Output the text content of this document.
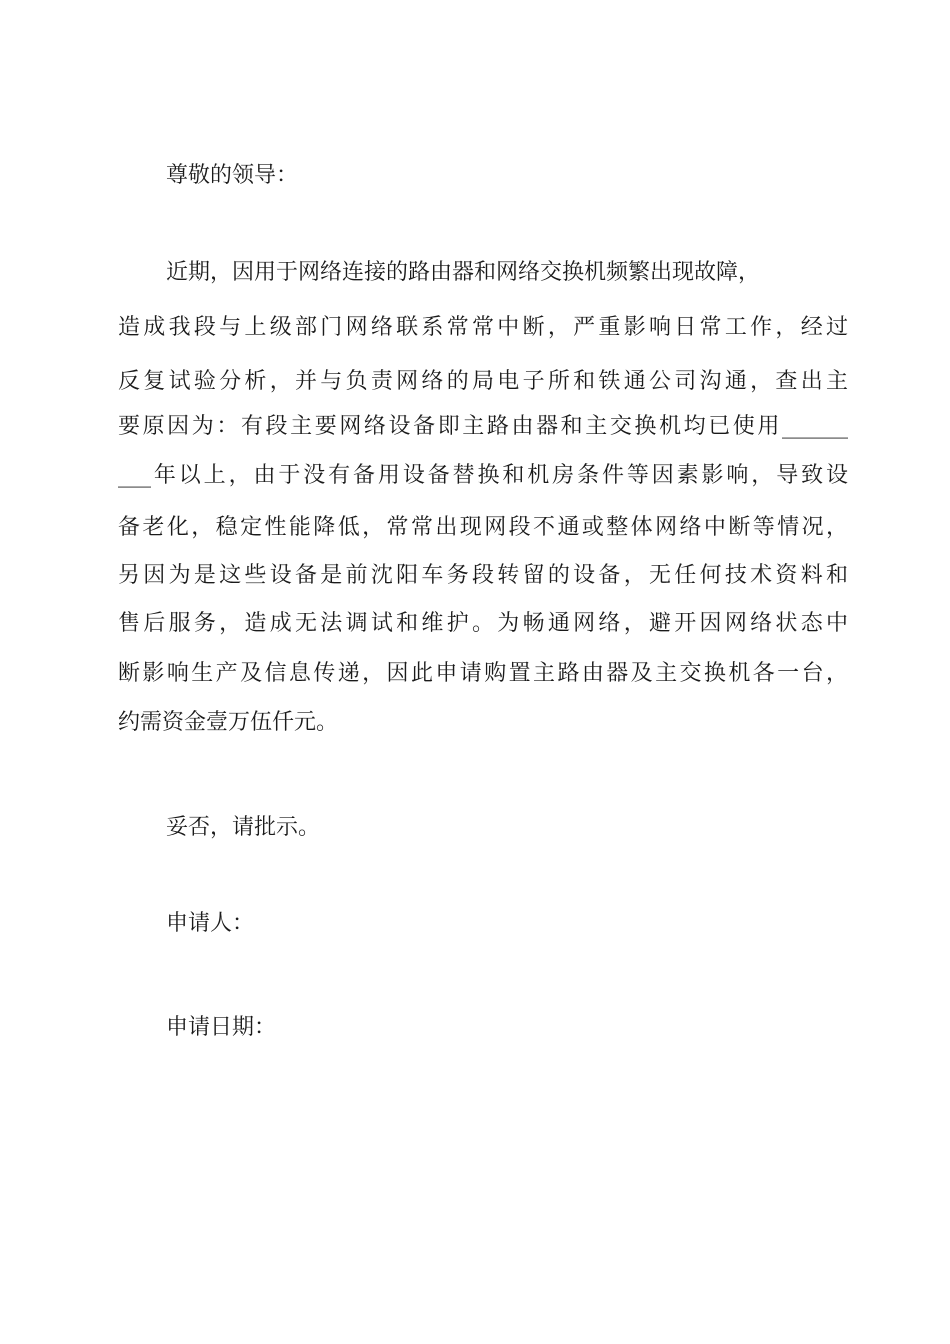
尊敬的领导：
近期，因用于网络连接的路由器和网络交换机频繁出现故障，
造成我段与上级部门网络联系常常中断，严重影响日常工作，经过
反复试验分析，并与负责网络的局电子所和铁通公司沟通，查出主
要原因为：有段主要网络设备即主路由器和主交换机均已使用______
___年以上，由于没有备用设备替换和机房条件等因素影响，导致设
备老化，稳定性能降低，常常出现网段不通或整体网络中断等情况，
另因为是这些设备是前沈阳车务段转留的设备，无任何技术资料和
售后服务，造成无法调试和维护。为畅通网络，避开因网络状态中
断影响生产及信息传递，因此申请购置主路由器及主交换机各一台，
约需资金壹万伍仟元。
妥否，请批示。
申请人：
申请日期：
